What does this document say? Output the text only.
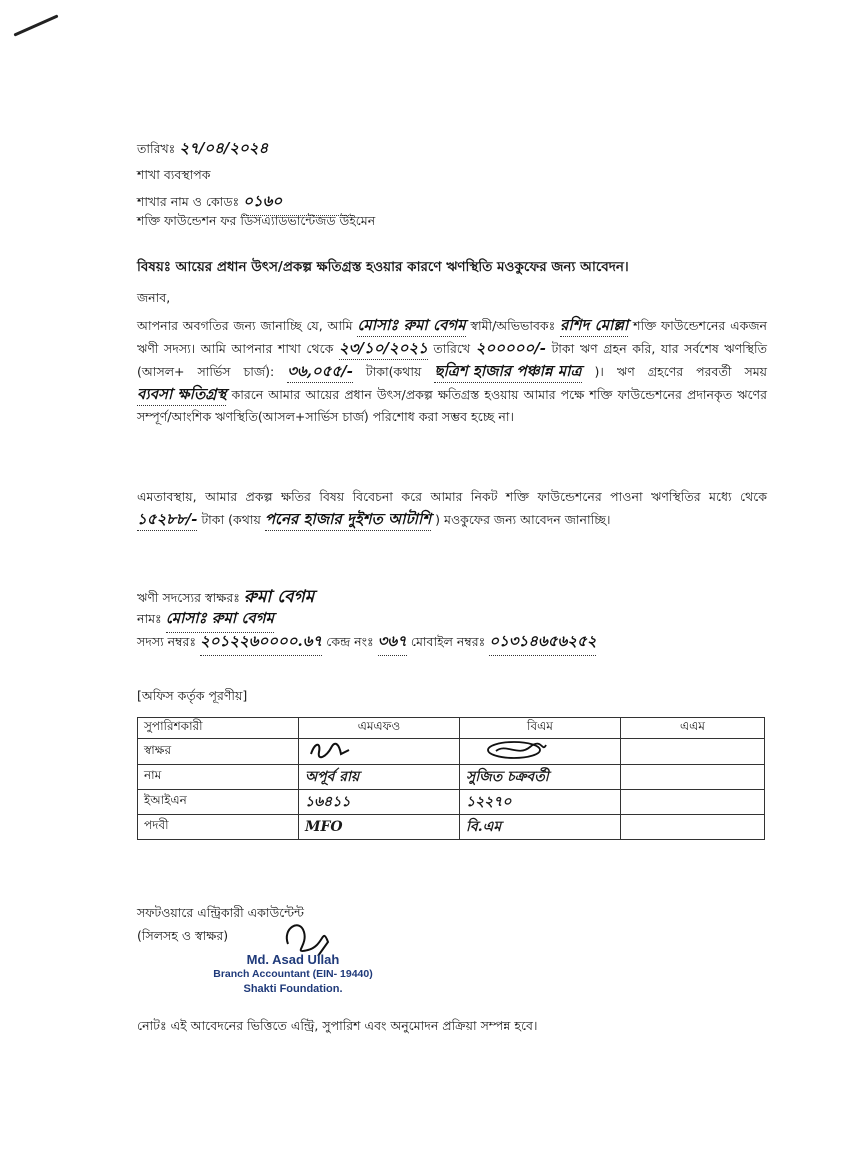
তারিখঃ ২৭/০৪/২০২৪
শাখা ব্যবস্থাপক
শাখার নাম ও কোডঃ ০১৬০
শক্তি ফাউন্ডেশন ফর ডিসএ্যাডভান্টেজড উইমেন
বিষয়ঃ আয়ের প্রধান উৎস/প্রকল্প ক্ষতিগ্রস্ত হওয়ার কারণে ঋণস্থিতি মওকুফের জন্য আবেদন।
জনাব,
আপনার অবগতির জন্য জানাচ্ছি যে, আমি মোসাঃ রুমা বেগম স্বামী/অভিভাবকঃ রশিদ মোল্লা শক্তি ফাউন্ডেশনের একজন ঋণী সদস্য। আমি আপনার শাখা থেকে ২৩/১০/২০২১ তারিখে ২০০০০০/- টাকা ঋণ গ্রহন করি, যার সর্বশেষ ঋণস্থিতি (আসল+ সার্ভিস চার্জ): ৩৬,০৫৫/- টাকা(কথায় ছত্রিশ হাজার পঞ্চান্ন মাত্র )। ঋণ গ্রহণের পরবর্তী সময় ব্যবসা ক্ষতিগ্রস্থ কারনে আমার আয়ের প্রধান উৎস/প্রকল্প ক্ষতিগ্রস্ত হওয়ায় আমার পক্ষে শক্তি ফাউন্ডেশনের প্রদানকৃত ঋণের সম্পূর্ণ/আংশিক ঋণস্থিতি(আসল+সার্ভিস চার্জ) পরিশোধ করা সম্ভব হচ্ছে না।
এমতাবস্থায়, আমার প্রকল্প ক্ষতির বিষয় বিবেচনা করে আমার নিকট শক্তি ফাউন্ডেশনের পাওনা ঋণস্থিতির মধ্যে থেকে ১৫২৮৮/- টাকা (কথায় পনের হাজার দুইশত আটাশি ) মওকুফের জন্য আবেদন জানাচ্ছি।
ঋণী সদস্যের স্বাক্ষরঃ রুমা বেগম
নামঃ মোসাঃ রুমা বেগম
সদস্য নম্বরঃ ২০১২২৬০০০০.৬৭ কেন্দ্র নংঃ ৩৬৭ মোবাইল নম্বরঃ ০১৩১৪৬৫৬২৫২
[অফিস কর্তৃক পূরণীয়]
সুপারিশকারী	এমএফও	বিএম	এএম
স্বাক্ষর			
নাম	অপূর্ব রায়	সুজিত চক্রবর্তী	
ইআইএন	১৬৪১১	১২২৭০	
পদবী	MFO	বি.এম	
সফটওয়ারে এন্ট্রিকারী একাউন্টেন্ট
(সিলসহ ও স্বাক্ষর)
Md. Asad Ullah
Branch Accountant (EIN- 19440)
Shakti Foundation.
নোটঃ এই আবেদনের ভিত্তিতে এন্ট্রি, সুপারিশ এবং অনুমোদন প্রক্রিয়া সম্পন্ন হবে।
